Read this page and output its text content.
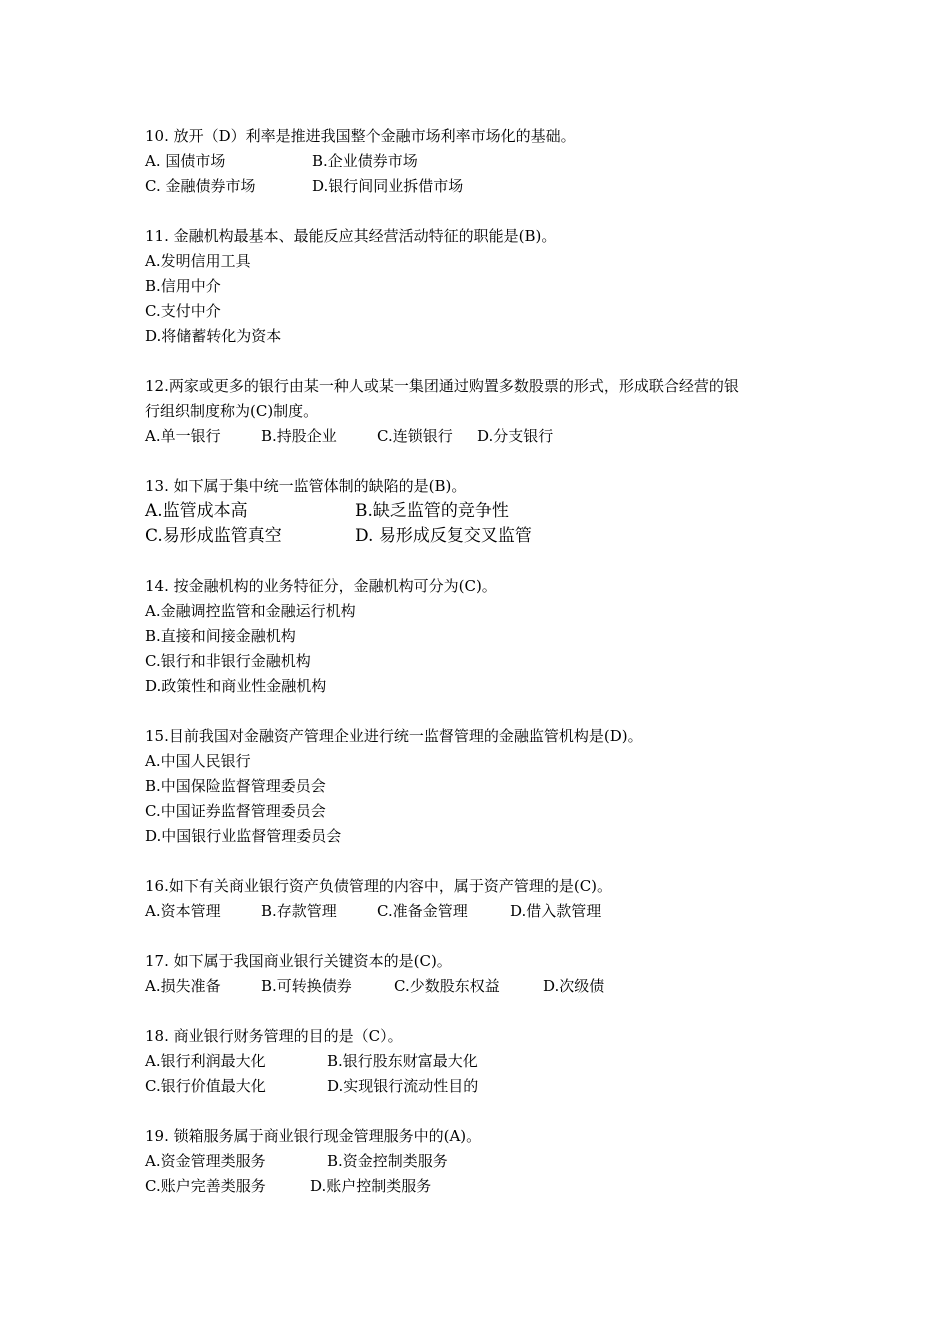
10. 放开（D）利率是推进我国整个金融市场利率市场化的基础。
A. 国债市场	B.企业债券市场
C. 金融债券市场	D.银行间同业拆借市场
11. 金融机构最基本、最能反应其经营活动特征的职能是(B)。
A.发明信用工具
B.信用中介
C.支付中介
D.将储蓄转化为资本
12.两家或更多的银行由某一种人或某一集团通过购置多数股票的形式，形成联合经营的银
行组织制度称为(C)制度。
A.单一银行	B.持股企业	C.连锁银行	D.分支银行
13. 如下属于集中统一监管体制的缺陷的是(B)。
A.监管成本高	B.缺乏监管的竞争性
C.易形成监管真空	D. 易形成反复交叉监管
14. 按金融机构的业务特征分，金融机构可分为(C)。
A.金融调控监管和金融运行机构
B.直接和间接金融机构
C.银行和非银行金融机构
D.政策性和商业性金融机构
15.目前我国对金融资产管理企业进行统一监督管理的金融监管机构是(D)。
A.中国人民银行
B.中国保险监督管理委员会
C.中国证券监督管理委员会
D.中国银行业监督管理委员会
16.如下有关商业银行资产负债管理的内容中，属于资产管理的是(C)。
A.资本管理	B.存款管理	C.准备金管理	D.借入款管理
17. 如下属于我国商业银行关键资本的是(C)。
A.损失准备	B.可转换债券	C.少数股东权益	D.次级债
18. 商业银行财务管理的目的是（C）。
A.银行利润最大化	B.银行股东财富最大化
C.银行价值最大化	D.实现银行流动性目的
19. 锁箱服务属于商业银行现金管理服务中的(A)。
A.资金管理类服务	B.资金控制类服务
C.账户完善类服务	D.账户控制类服务
